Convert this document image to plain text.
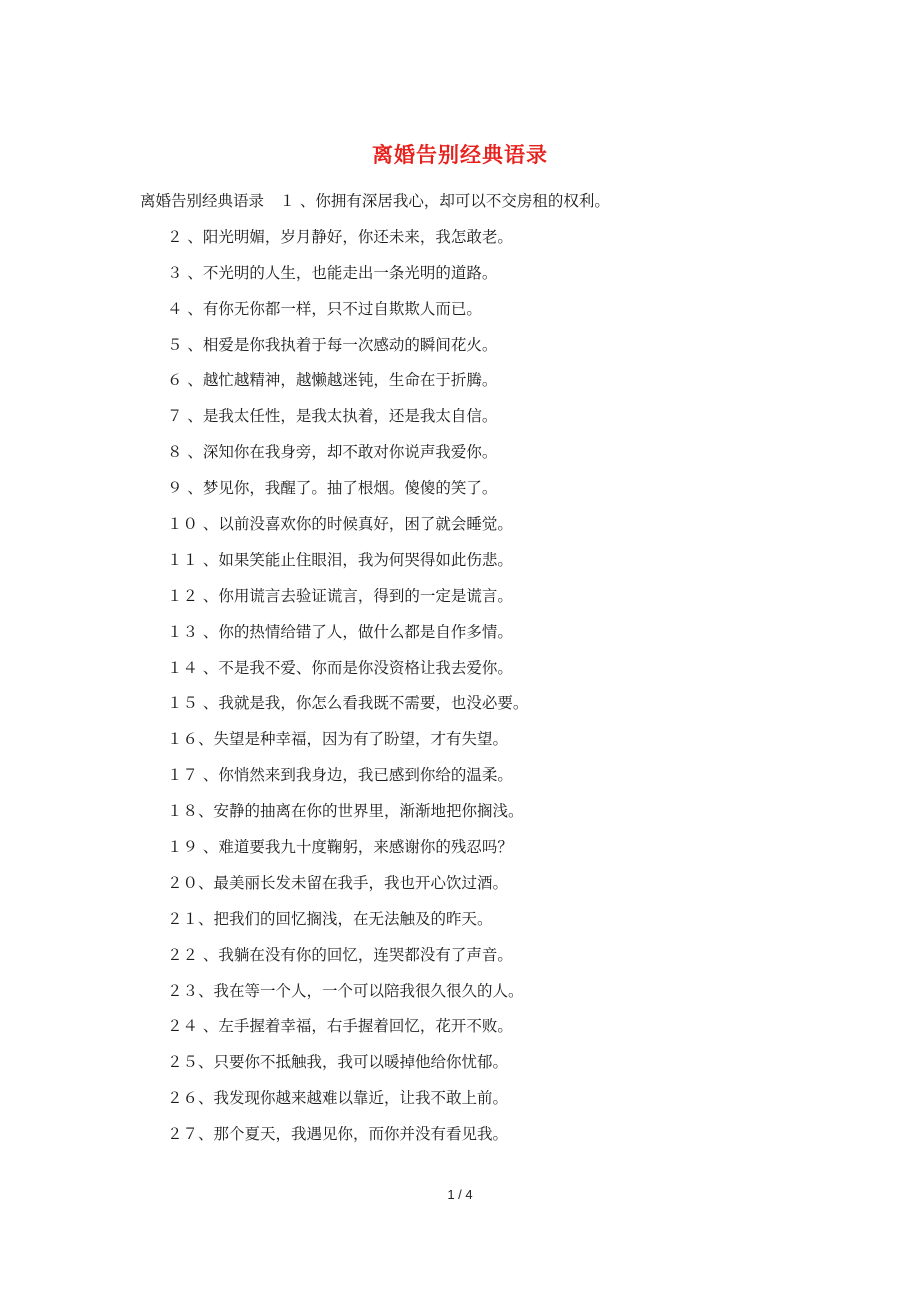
离婚告别经典语录
离婚告别经典语录　１ 、你拥有深居我心，却可以不交房租的权利。
２ 、阳光明媚，岁月静好，你还未来，我怎敢老。
３ 、不光明的人生，也能走出一条光明的道路。
４ 、有你无你都一样，只不过自欺欺人而已。
５ 、相爱是你我执着于每一次感动的瞬间花火。
６ 、越忙越精神，越懒越迷钝，生命在于折腾。
７ 、是我太任性，是我太执着，还是我太自信。
８ 、深知你在我身旁，却不敢对你说声我爱你。
９ 、梦见你，我醒了。抽了根烟。傻傻的笑了。
１０ 、以前没喜欢你的时候真好，困了就会睡觉。
１１ 、如果笑能止住眼泪，我为何哭得如此伤悲。
１２ 、你用谎言去验证谎言，得到的一定是谎言。
１３ 、你的热情给错了人，做什么都是自作多情。
１４ 、不是我不爱、你而是你没资格让我去爱你。
１５ 、我就是我，你怎么看我既不需要，也没必要。
１６、失望是种幸福，因为有了盼望，才有失望。
１７ 、你悄然来到我身边，我已感到你给的温柔。
１８、安静的抽离在你的世界里，渐渐地把你搁浅。
１９ 、难道要我九十度鞠躬，来感谢你的残忍吗？
２０、最美丽长发未留在我手，我也开心饮过酒。
２１、把我们的回忆搁浅，在无法触及的昨天。
２２ 、我躺在没有你的回忆，连哭都没有了声音。
２３、我在等一个人，一个可以陪我很久很久的人。
２４ 、左手握着幸福，右手握着回忆，花开不败。
２５、只要你不抵触我，我可以暖掉他给你忧郁。
２６、我发现你越来越难以靠近，让我不敢上前。
２７、那个夏天，我遇见你，而你并没有看见我。
1 / 4
